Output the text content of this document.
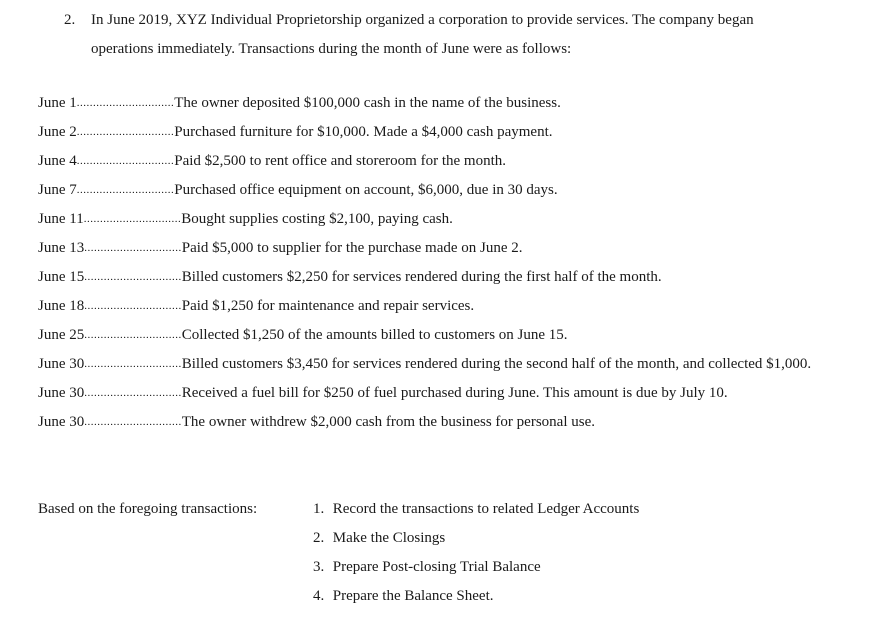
2. In June 2019, XYZ Individual Proprietorship organized a corporation to provide services. The company began
operations immediately. Transactions during the month of June were as follows:
June 1 .............................. The owner deposited $100,000 cash in the name of the business.
June 2 .............................. Purchased furniture for $10,000. Made a $4,000 cash payment.
June 4 .............................. Paid $2,500 to rent office and storeroom for the month.
June 7 .............................. Purchased office equipment on account, $6,000, due in 30 days.
June 11 .............................. Bought supplies costing $2,100, paying cash.
June 13 .............................. Paid $5,000 to supplier for the purchase made on June 2.
June 15 .............................. Billed customers $2,250 for services rendered during the first half of the month.
June 18 .............................. Paid $1,250 for maintenance and repair services.
June 25 .............................. Collected $1,250 of the amounts billed to customers on June 15.
June 30 .............................. Billed customers $3,450 for services rendered during the second half of the month, and collected $1,000.
June 30 .............................. Received a fuel bill for $250 of fuel purchased during June. This amount is due by July 10.
June 30 .............................. The owner withdrew $2,000 cash from the business for personal use.
Based on the foregoing transactions:	1. Record the transactions to related Ledger Accounts
2. Make the Closings
3. Prepare Post-closing Trial Balance
4. Prepare the Balance Sheet.
